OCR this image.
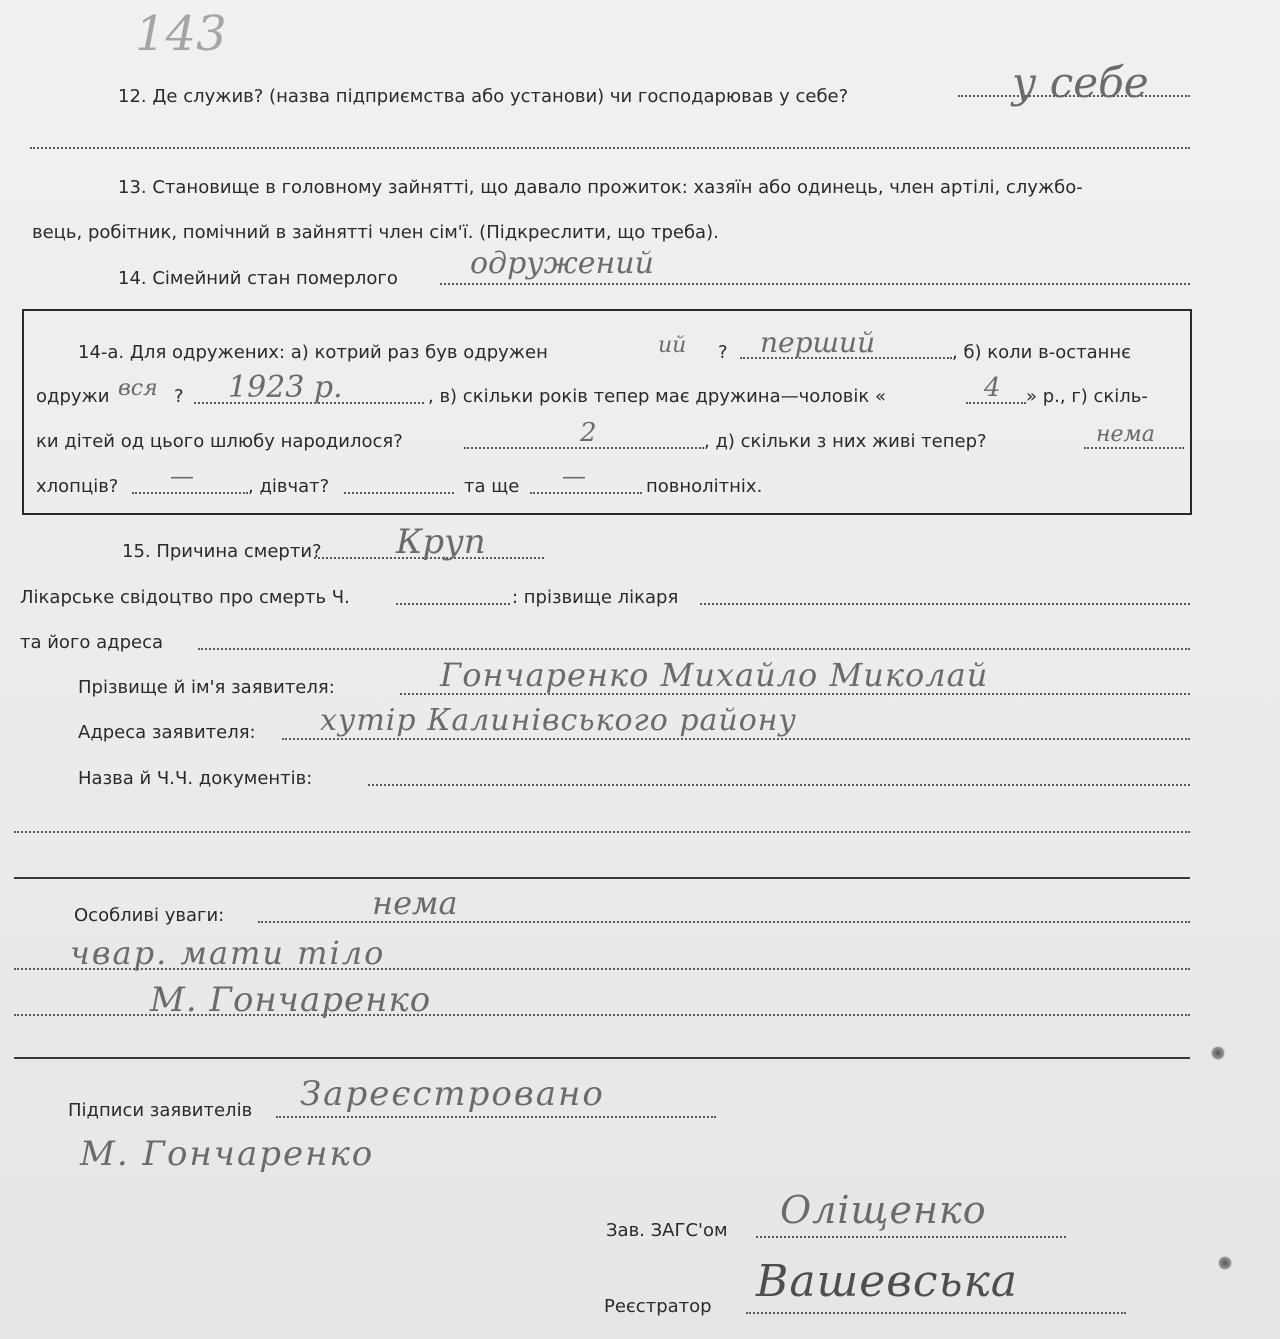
143
12. Де служив? (назва підприємства або установи) чи господарював у себе?	у себе
13. Становище в головному зайнятті, що давало прожиток: хазяїн або одинець, член артілі, службо-
вець, робітник, помічний в зайнятті член сім'ї. (Підкреслити, що треба).
14. Сімейний стан померлого одружений
14-а. Для одружених: а) котрий раз був одружен	ий ? перший	, б) коли в-останнє
одружи вся ? 1923 р.	, в) скільки років тепер має дружина—чоловік «	4 » р., г) скіль-
ки дітей од цього шлюбу народилося?	2	, д) скільки з них живі тепер?	нема
хлопців? —	, дівчат?	та ще —	повнолітніх.
15. Причина смерти? Круп
Лікарське свідоцтво про смерть Ч.	: прізвище лікаря
та його адреса
Прізвище й ім'я заявителя:	Гончаренко Михайло Миколай
Адреса заявителя: хутір Калинівського району
Назва й Ч.Ч. документів:
Особливі уваги:	нема
чвар. мати тіло
М. Гончаренко
Підписи заявителів Зареєстровано
М. Гончаренко
Зав. ЗАГС'ом Оліщенко
Реєстратор Вашевська
